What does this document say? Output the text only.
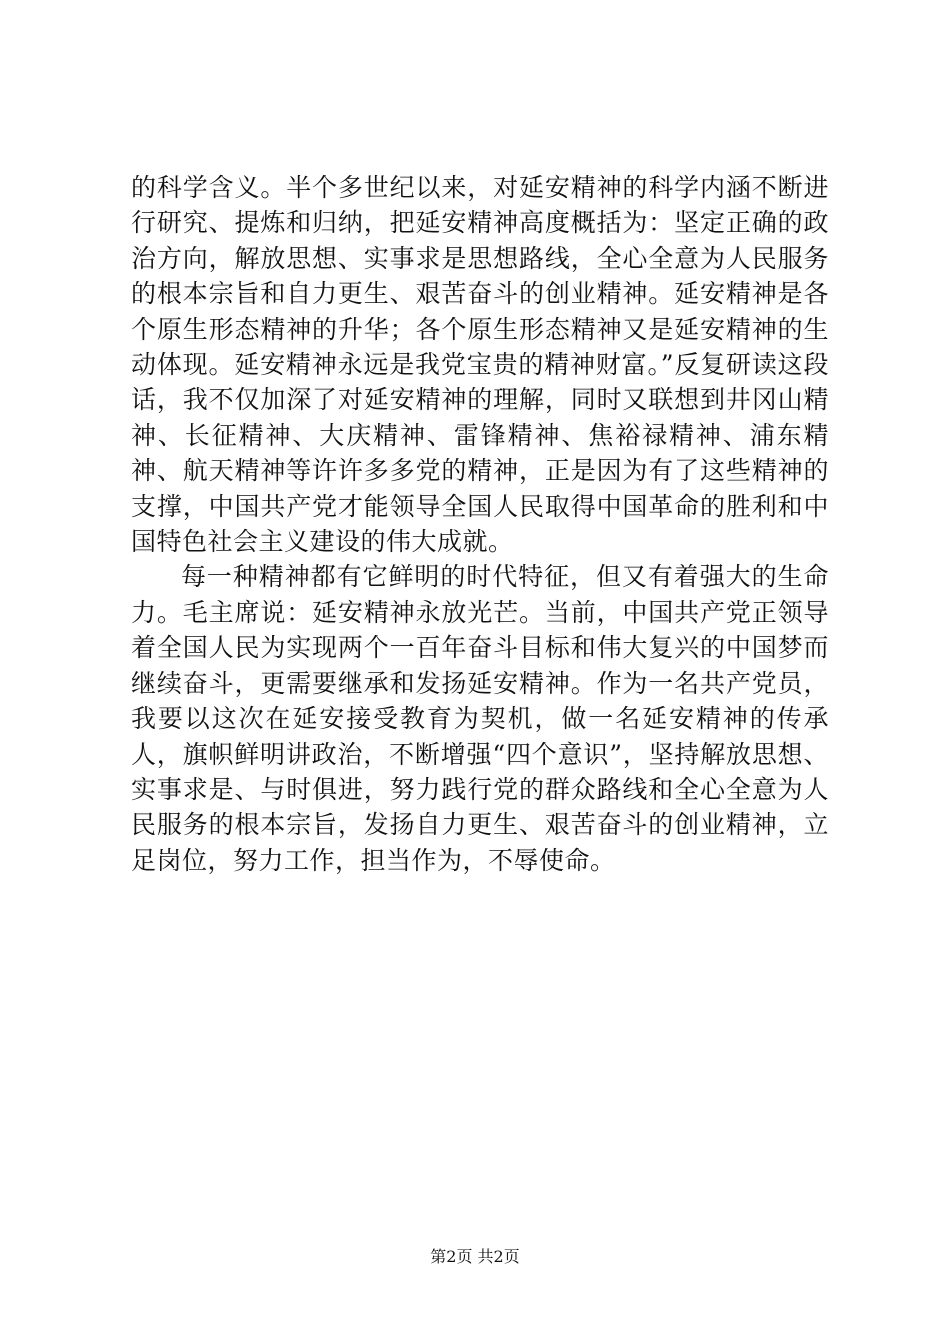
的科学含义。半个多世纪以来，对延安精神的科学内涵不断进行研究、提炼和归纳，把延安精神高度概括为：坚定正确的政治方向，解放思想、实事求是思想路线，全心全意为人民服务的根本宗旨和自力更生、艰苦奋斗的创业精神。延安精神是各个原生形态精神的升华；各个原生形态精神又是延安精神的生动体现。延安精神永远是我党宝贵的精神财富。”反复研读这段话，我不仅加深了对延安精神的理解，同时又联想到井冈山精神、长征精神、大庆精神、雷锋精神、焦裕禄精神、浦东精神、航天精神等许许多多党的精神，正是因为有了这些精神的支撑，中国共产党才能领导全国人民取得中国革命的胜利和中国特色社会主义建设的伟大成就。

每一种精神都有它鲜明的时代特征，但又有着强大的生命力。毛主席说：延安精神永放光芒。当前，中国共产党正领导着全国人民为实现两个一百年奋斗目标和伟大复兴的中国梦而继续奋斗，更需要继承和发扬延安精神。作为一名共产党员，我要以这次在延安接受教育为契机，做一名延安精神的传承人，旗帜鲜明讲政治，不断增强“四个意识”，坚持解放思想、实事求是、与时俱进，努力践行党的群众路线和全心全意为人民服务的根本宗旨，发扬自力更生、艰苦奋斗的创业精神，立足岗位，努力工作，担当作为，不辱使命。

第2页 共2页
